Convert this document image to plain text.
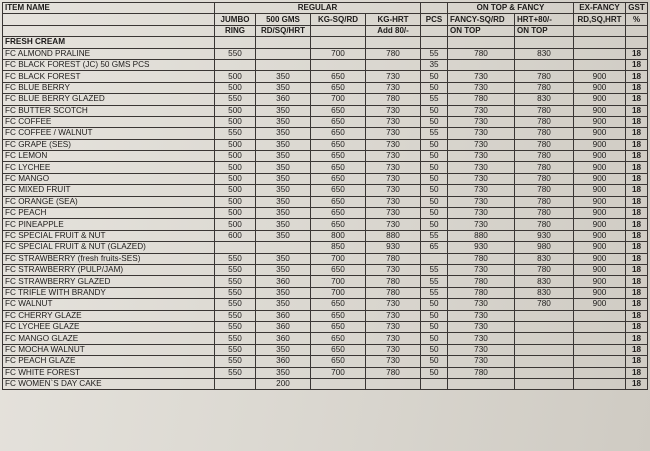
ITEM NAME	REGULAR					ON TOP & FANCY		EX-FANCY	GST
	JUMBO	500 GMS	KG-SQ/RD	KG-HRT	PCS	FANCY-SQ/RD	HRT+80/-	RD,SQ,HRT	%
	RING	RD/SQ/HRT		Add 80/-		ON TOP	ON TOP		
FRESH CREAM									
FC ALMOND PRALINE	550		700	780	55	780	830		18
FC BLACK FOREST (JC) 50 GMS PCS					35				18
FC BLACK FOREST	500	350	650	730	50	730	780	900	18
FC BLUE BERRY	500	350	650	730	50	730	780	900	18
FC BLUE BERRY GLAZED	550	360	700	780	55	780	830	900	18
FC BUTTER SCOTCH	500	350	650	730	50	730	780	900	18
FC COFFEE	500	350	650	730	50	730	780	900	18
FC COFFEE / WALNUT	550	350	650	730	55	730	780	900	18
FC GRAPE (SES)	500	350	650	730	50	730	780	900	18
FC LEMON	500	350	650	730	50	730	780	900	18
FC LYCHEE	500	350	650	730	50	730	780	900	18
FC MANGO	500	350	650	730	50	730	780	900	18
FC MIXED FRUIT	500	350	650	730	50	730	780	900	18
FC ORANGE (SEA)	500	350	650	730	50	730	780	900	18
FC PEACH	500	350	650	730	50	730	780	900	18
FC PINEAPPLE	500	350	650	730	50	730	780	900	18
FC SPECIAL FRUIT & NUT	600	350	800	880	55	880	930	900	18
FC SPECIAL FRUIT & NUT (GLAZED)			850	930	65	930	980	900	18
FC STRAWBERRY (fresh fruits-SES)	550	350	700	780		780	830	900	18
FC STRAWBERRY (PULP/JAM)	550	350	650	730	55	730	780	900	18
FC STRAWBERRY GLAZED	550	360	700	780	55	780	830	900	18
FC TRIFLE WITH BRANDY	550	350	700	780	55	780	830	900	18
FC WALNUT	550	350	650	730	50	730	780	900	18
FC CHERRY GLAZE	550	360	650	730	50	730			18
FC LYCHEE GLAZE	550	360	650	730	50	730			18
FC MANGO GLAZE	550	360	650	730	50	730			18
FC MOCHA WALNUT	550	350	650	730	50	730			18
FC PEACH GLAZE	550	360	650	730	50	730			18
FC WHITE FOREST	550	350	700	780	50	780			18
FC WOMEN`S DAY CAKE		200							18
